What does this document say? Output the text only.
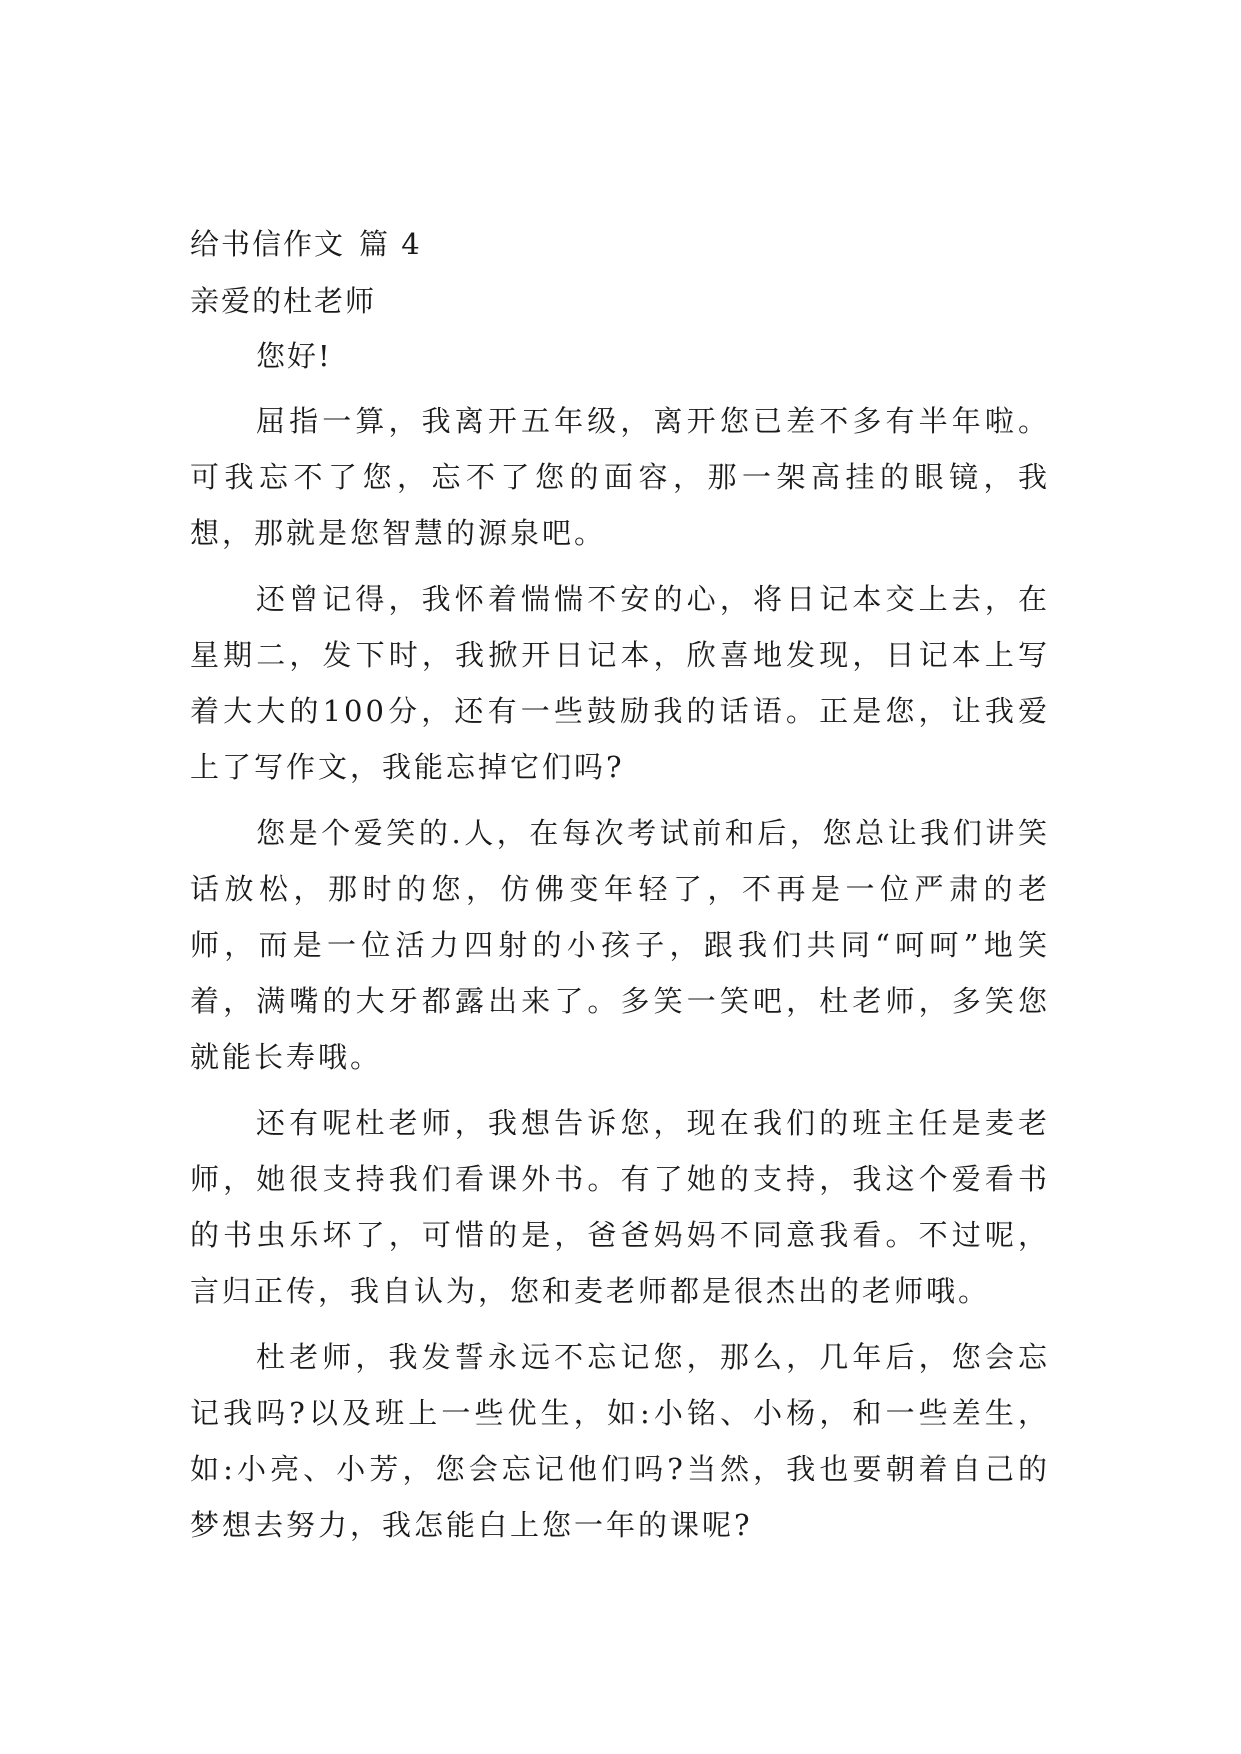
给书信作文 篇 4
亲爱的杜老师
您好!

屈指一算，我离开五年级，离开您已差不多有半年啦。可我忘不了您，忘不了您的面容，那一架高挂的眼镜，我想，那就是您智慧的源泉吧。

还曾记得，我怀着惴惴不安的心，将日记本交上去，在星期二，发下时，我掀开日记本，欣喜地发现，日记本上写着大大的100分，还有一些鼓励我的话语。正是您，让我爱上了写作文，我能忘掉它们吗?

您是个爱笑的.人，在每次考试前和后，您总让我们讲笑话放松，那时的您，仿佛变年轻了，不再是一位严肃的老师，而是一位活力四射的小孩子，跟我们共同“呵呵”地笑着，满嘴的大牙都露出来了。多笑一笑吧，杜老师，多笑您就能长寿哦。

还有呢杜老师，我想告诉您，现在我们的班主任是麦老师，她很支持我们看课外书。有了她的支持，我这个爱看书的书虫乐坏了，可惜的是，爸爸妈妈不同意我看。不过呢，言归正传，我自认为，您和麦老师都是很杰出的老师哦。

杜老师，我发誓永远不忘记您，那么，几年后，您会忘记我吗?以及班上一些优生，如:小铭、小杨，和一些差生，如:小亮、小芳，您会忘记他们吗?当然，我也要朝着自己的梦想去努力，我怎能白上您一年的课呢?
